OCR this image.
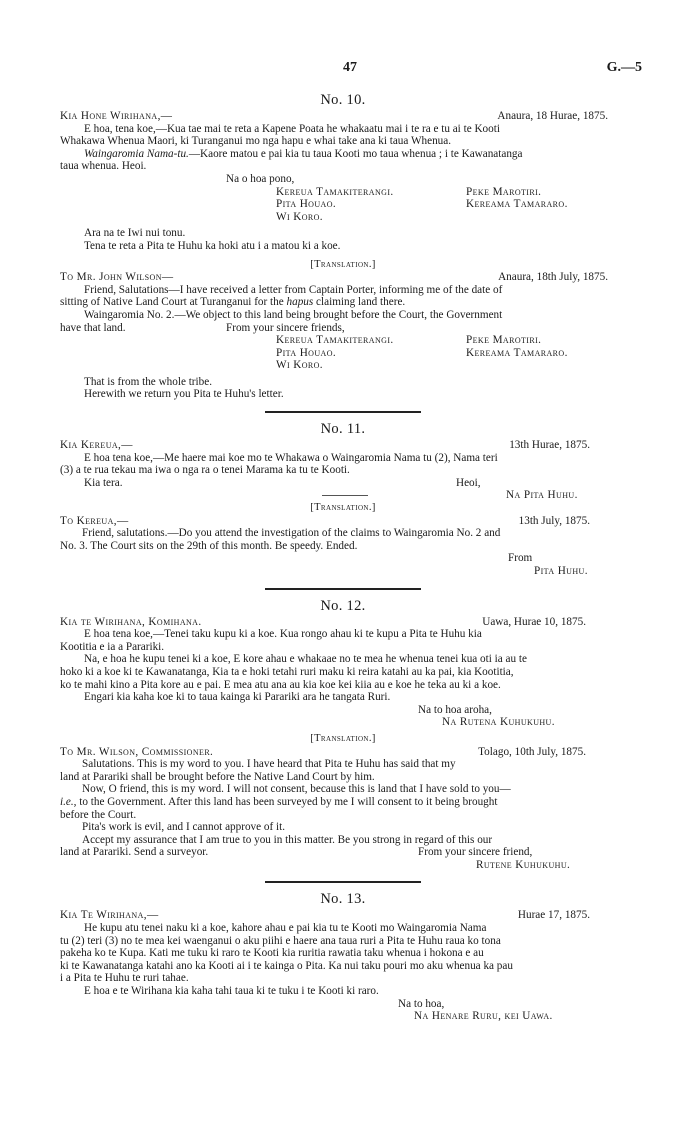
47	G.—5
No. 10.
Kia Hone Wirihana,—	Anaura, 18 Hurae, 1875.
E hoa, tena koe,—Kua tae mai te reta a Kapene Poata he whakaatu mai i te ra e tu ai te Kooti
Whakawa Whenua Maori, ki Turanganui mo nga hapu e whai take ana ki taua Whenua.
Waingaromia Nama-tu.—Kaore matou e pai kia tu taua Kooti mo taua whenua ; i te Kawanatanga
taua whenua. Heoi.
Na o hoa pono,
Kereua Tamakiterangi.	Peke Marotiri.
Pita Houao.	Kereama Tamararo.
Wi Koro.
Ara na te Iwi nui tonu.
Tena te reta a Pita te Huhu ka hoki atu i a matou ki a koe.
[Translation.]
To Mr. John Wilson—	Anaura, 18th July, 1875.
Friend, Salutations—I have received a letter from Captain Porter, informing me of the date of
sitting of Native Land Court at Turanganui for the hapus claiming land there.
Waingaromia No. 2.—We object to this land being brought before the Court, the Government
have that land.	From your sincere friends,
Kereua Tamakiterangi.	Peke Marotiri.
Pita Houao.	Kereama Tamararo.
Wi Koro.
That is from the whole tribe.
Herewith we return you Pita te Huhu's letter.
No. 11.
Kia Kereua,—	13th Hurae, 1875.
E hoa tena koe,—Me haere mai koe mo te Whakawa o Waingaromia Nama tu (2), Nama teri
(3) a te rua tekau ma iwa o nga ra o tenei Marama ka tu te Kooti.
Kia tera.	Heoi,
Na Pita Huhu.
[Translation.]
To Kereua,—	13th July, 1875.
Friend, salutations.—Do you attend the investigation of the claims to Waingaromia No. 2 and
No. 3. The Court sits on the 29th of this month. Be speedy. Ended.
From
Pita Huhu.
No. 12.
Kia te Wirihana, Komihana.	Uawa, Hurae 10, 1875.
E hoa tena koe,—Tenei taku kupu ki a koe. Kua rongo ahau ki te kupu a Pita te Huhu kia
Kootitia e ia a Parariki.
Na, e hoa he kupu tenei ki a koe, E kore ahau e whakaae no te mea he whenua tenei kua oti ia au te
hoko ki a koe ki te Kawanatanga, Kia ta e hoki tetahi ruri maku ki reira katahi au ka pai, kia Kootitia,
ko te mahi kino a Pita kore au e pai. E mea atu ana au kia koe kei kiia au e koe he teka au ki a koe.
Engari kia kaha koe ki to taua kainga ki Parariki ara he tangata Ruri.
Na to hoa aroha,
Na Rutena Kuhukuhu.
[Translation.]
To Mr. Wilson, Commissioner.	Tolago, 10th July, 1875.
Salutations. This is my word to you. I have heard that Pita te Huhu has said that my
land at Parariki shall be brought before the Native Land Court by him.
Now, O friend, this is my word. I will not consent, because this is land that I have sold to you—
i.e., to the Government. After this land has been surveyed by me I will consent to it being brought
before the Court.
Pita's work is evil, and I cannot approve of it.
Accept my assurance that I am true to you in this matter. Be you strong in regard of this our
land at Parariki. Send a surveyor.	From your sincere friend,
Rutene Kuhukuhu.
No. 13.
Kia Te Wirihana,—	Hurae 17, 1875.
He kupu atu tenei naku ki a koe, kahore ahau e pai kia tu te Kooti mo Waingaromia Nama
tu (2) teri (3) no te mea kei waenganui o aku piihi e haere ana taua ruri a Pita te Huhu raua ko tona
pakeha ko te Kupa. Kati me tuku ki raro te Kooti kia ruritia rawatia taku whenua i hokona e au
ki te Kawanatanga katahi ano ka Kooti ai i te kainga o Pita. Ka nui taku pouri mo aku whenua ka pau
i a Pita te Huhu te ruri tahae.
E hoa e te Wirihana kia kaha tahi taua ki te tuku i te Kooti ki raro.
Na to hoa,
Na Henare Ruru, kei Uawa.
